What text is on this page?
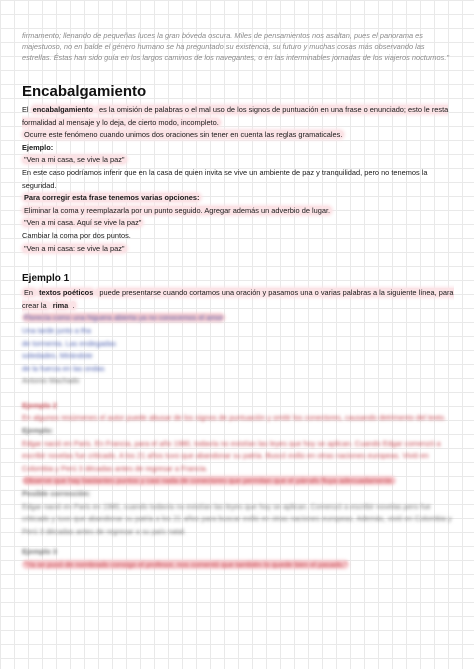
firmamento; llenando de pequeñas luces la gran bóveda oscura. Miles de pensamientos nos asaltan, pues el panorama es majestuoso, no en balde el género humano se ha preguntado su existencia, su futuro y muchas cosas más observando las estrellas. Éstas han sido guía en los largos caminos de los navegantes, o en las interminables jornadas de los viajeros nocturnos."

Encabalgamiento

El encabalgamiento es la omisión de palabras o el mal uso de los signos de puntuación en una frase o enunciado; esto le resta formalidad al mensaje y lo deja, de cierto modo, incompleto.

Ocurre este fenómeno cuando unimos dos oraciones sin tener en cuenta las reglas gramaticales.

Ejemplo:

"Ven a mi casa, se vive la paz"

En este caso podríamos inferir que en la casa de quien invita se vive un ambiente de paz y tranquilidad, pero no tenemos la seguridad.

Para corregir esta frase tenemos varias opciones:

Eliminar la coma y reemplazarla por un punto seguido. Agregar además un adverbio de lugar.

"Ven a mi casa. Aquí se vive la paz"

Cambiar la coma por dos puntos.

"Ven a mi casa: se vive la paz"

Ejemplo 1

En textos poéticos puede presentarse cuando cortamos una oración y pasamos una o varias palabras a la siguiente línea, para crear la rima .

Florecía como una higuera abierta ya no conocemos el amor

Una tarde junto a tha

de tormenta. Las endegadas

soledades. Mirándote

de la fuerza en las ondas

Antonio Machado

Ejemplo 2

En algunos resúmenes el autor puede abusar de los signos de puntuación y omitir los conectores, causando detrimento del texto.

Ejemplo:

Edgar nació en Paris. En Francia, para el año 1980, todavía no existían las leyes que hoy se aplican. Cuando Edgar comenzó a escribir novelas fue criticado. A los 21 años tuvo que abandonar su patria. Buscó exilio en otras naciones europeas. Vivió en Colombia y Perú 3 décadas antes de regresar a Francia.

Observe que hay bastantes puntos y casi nada de conectores que permitan que el párrafo fluya adecuadamente.

Posible corrección:

Edgar nació en Paris en 1980, cuando todavía no existían las leyes que hoy se aplican. Comenzó a escribir novelas pero fue criticado y tuvo que abandonar su patria a los 21 años para buscar exilio en otras naciones europeas. Además, vivió en Colombia y Perú 3 décadas antes de regresar a su país natal.

Ejemplo 3

"Ya se pusó de nombrado consigo el profesor, nos comentó que también lo quede bien el pasado."
